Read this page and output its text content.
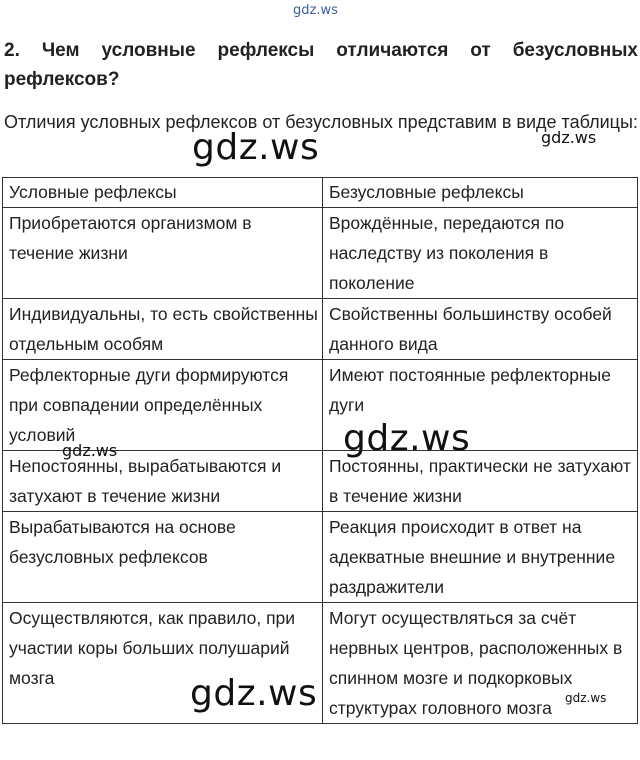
gdz.ws
2. Чем условные рефлексы отличаются от безусловных рефлексов?
Отличия условных рефлексов от безусловных представим в виде таблицы:
Условные рефлексы	Безусловные рефлексы
Приобретаются организмом в течение жизни	Врождённые, передаются по наследству из поколения в поколение
Индивидуальны, то есть свойственны отдельным особям	Свойственны большинству особей данного вида
Рефлекторные дуги формируются при совпадении определённых условий	Имеют постоянные рефлекторные дуги
Непостоянны, вырабатываются и затухают в течение жизни	Постоянны, практически не затухают в течение жизни
Вырабатываются на основе безусловных рефлексов	Реакция происходит в ответ на адекватные внешние и внутренние раздражители
Осуществляются, как правило, при участии коры больших полушарий мозга	Могут осуществляться за счёт нервных центров, расположенных в спинном мозге и подкорковых структурах головного мозга
gdz.ws	gdz.ws
gdz.ws
gdz.ws
gdz.ws	gdz.ws
